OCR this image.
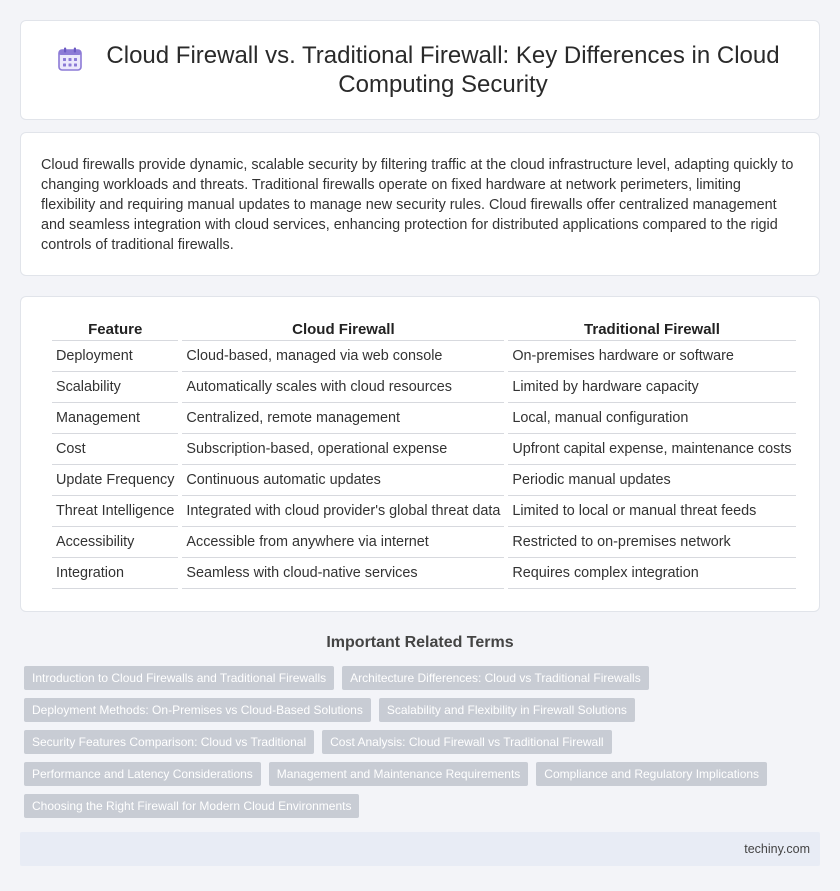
Cloud Firewall vs. Traditional Firewall: Key Differences in Cloud Computing Security

Cloud firewalls provide dynamic, scalable security by filtering traffic at the cloud infrastructure level, adapting quickly to changing workloads and threats. Traditional firewalls operate on fixed hardware at network perimeters, limiting flexibility and requiring manual updates to manage new security rules. Cloud firewalls offer centralized management and seamless integration with cloud services, enhancing protection for distributed applications compared to the rigid controls of traditional firewalls.

Feature	Cloud Firewall	Traditional Firewall
Deployment	Cloud-based, managed via web console	On-premises hardware or software
Scalability	Automatically scales with cloud resources	Limited by hardware capacity
Management	Centralized, remote management	Local, manual configuration
Cost	Subscription-based, operational expense	Upfront capital expense, maintenance costs
Update Frequency	Continuous automatic updates	Periodic manual updates
Threat Intelligence	Integrated with cloud provider's global threat data	Limited to local or manual threat feeds
Accessibility	Accessible from anywhere via internet	Restricted to on-premises network
Integration	Seamless with cloud-native services	Requires complex integration
Important Related Terms
Introduction to Cloud Firewalls and Traditional Firewalls	Architecture Differences: Cloud vs Traditional Firewalls
Deployment Methods: On-Premises vs Cloud-Based Solutions	Scalability and Flexibility in Firewall Solutions
Security Features Comparison: Cloud vs Traditional	Cost Analysis: Cloud Firewall vs Traditional Firewall
Performance and Latency Considerations	Management and Maintenance Requirements	Compliance and Regulatory Implications
Choosing the Right Firewall for Modern Cloud Environments
techiny.com
